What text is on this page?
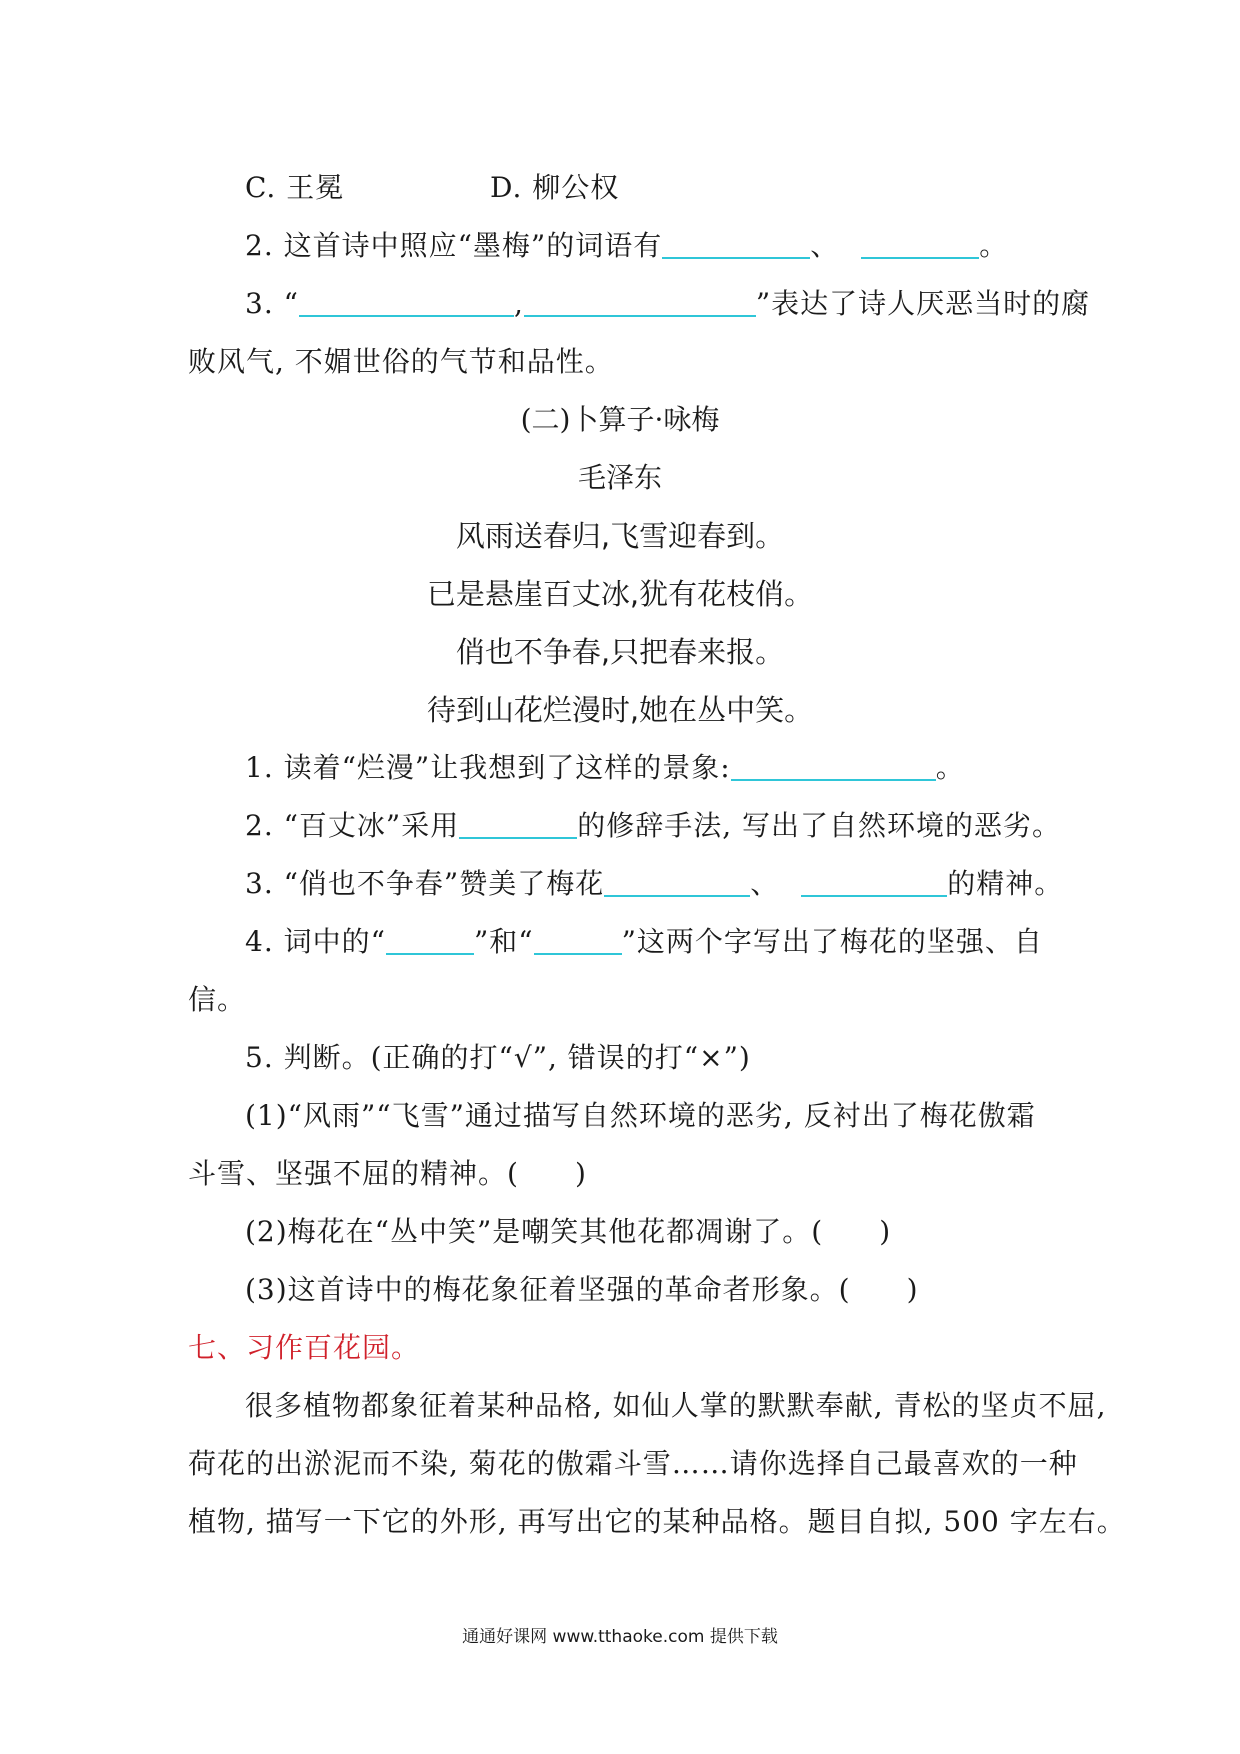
C. 王冕	D. 柳公权
2. 这首诗中照应“墨梅”的词语有	、	。
3. “	,	”表达了诗人厌恶当时的腐
败风气, 不媚世俗的气节和品性。
(二)卜算子·咏梅
毛泽东
风雨送春归,飞雪迎春到。
已是悬崖百丈冰,犹有花枝俏。
俏也不争春,只把春来报。
待到山花烂漫时,她在丛中笑。
1. 读着“烂漫”让我想到了这样的景象:	。
2. “百丈冰”采用	的修辞手法, 写出了自然环境的恶劣。
3. “俏也不争春”赞美了梅花	、	的精神。
4. 词中的“	”和“	”这两个字写出了梅花的坚强、自
信。
5. 判断。(正确的打“√”, 错误的打“×”)
(1)“风雨”“飞雪”通过描写自然环境的恶劣, 反衬出了梅花傲霜
斗雪、坚强不屈的精神。( )
(2)梅花在“丛中笑”是嘲笑其他花都凋谢了。( )
(3)这首诗中的梅花象征着坚强的革命者形象。( )
七、习作百花园。
很多植物都象征着某种品格, 如仙人掌的默默奉献, 青松的坚贞不屈,
荷花的出淤泥而不染, 菊花的傲霜斗雪……请你选择自己最喜欢的一种
植物, 描写一下它的外形, 再写出它的某种品格。题目自拟, 500 字左右。
通通好课网 www.tthaoke.com 提供下载
